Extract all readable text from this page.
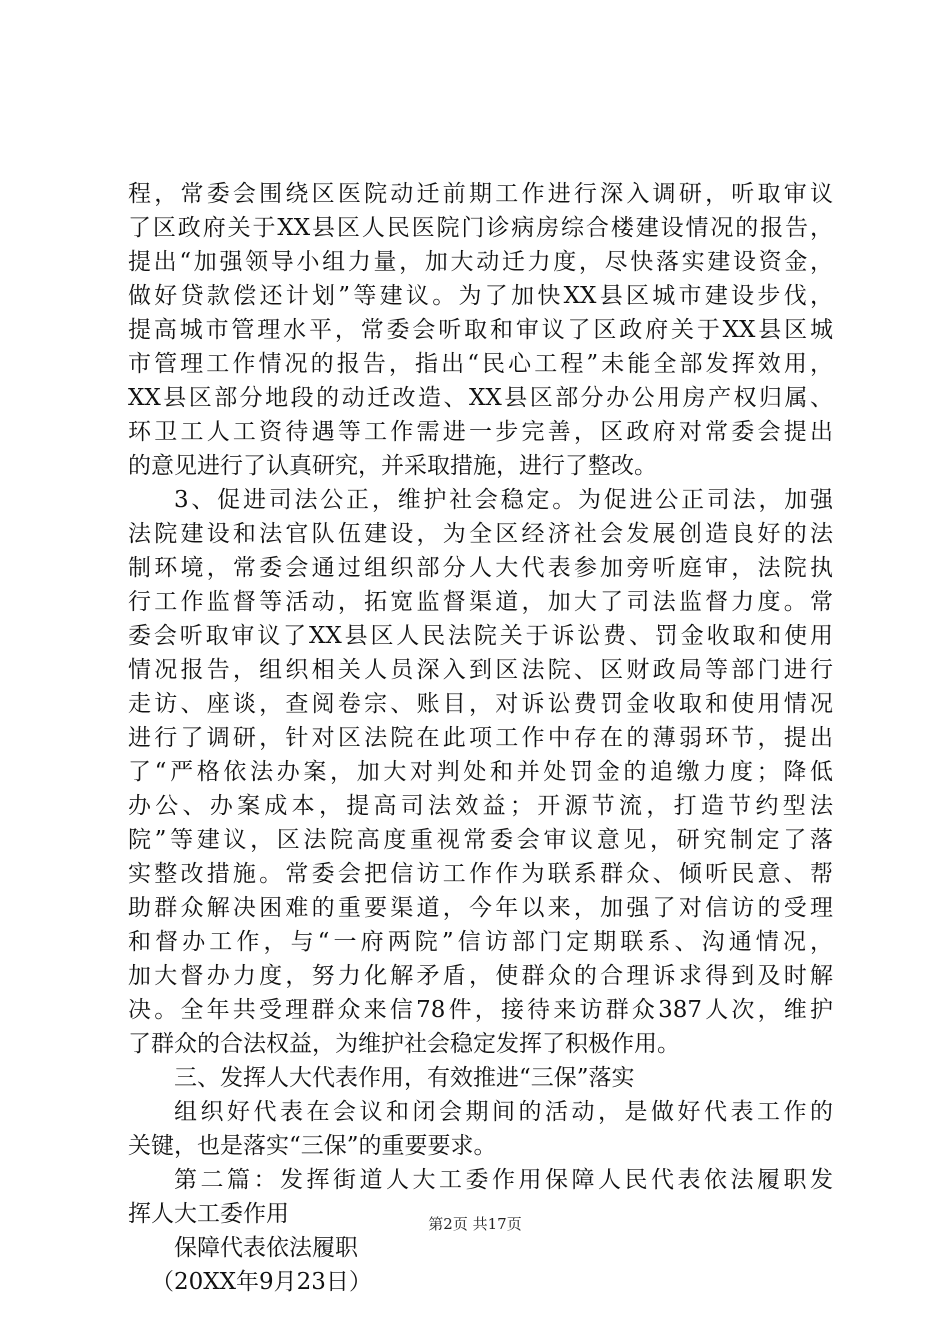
程，常委会围绕区医院动迁前期工作进行深入调研，听取审议
了区政府关于XX县区人民医院门诊病房综合楼建设情况的报告，
提出“加强领导小组力量，加大动迁力度，尽快落实建设资金，
做好贷款偿还计划”等建议。为了加快XX县区城市建设步伐，
提高城市管理水平，常委会听取和审议了区政府关于XX县区城
市管理工作情况的报告，指出“民心工程”未能全部发挥效用，
XX县区部分地段的动迁改造、XX县区部分办公用房产权归属、
环卫工人工资待遇等工作需进一步完善，区政府对常委会提出
的意见进行了认真研究，并采取措施，进行了整改。
3、促进司法公正，维护社会稳定。为促进公正司法，加强
法院建设和法官队伍建设，为全区经济社会发展创造良好的法
制环境，常委会通过组织部分人大代表参加旁听庭审，法院执
行工作监督等活动，拓宽监督渠道，加大了司法监督力度。常
委会听取审议了XX县区人民法院关于诉讼费、罚金收取和使用
情况报告，组织相关人员深入到区法院、区财政局等部门进行
走访、座谈，查阅卷宗、账目，对诉讼费罚金收取和使用情况
进行了调研，针对区法院在此项工作中存在的薄弱环节，提出
了“严格依法办案，加大对判处和并处罚金的追缴力度；降低
办公、办案成本，提高司法效益；开源节流，打造节约型法
院”等建议，区法院高度重视常委会审议意见，研究制定了落
实整改措施。常委会把信访工作作为联系群众、倾听民意、帮
助群众解决困难的重要渠道，今年以来，加强了对信访的受理
和督办工作，与“一府两院”信访部门定期联系、沟通情况，
加大督办力度，努力化解矛盾，使群众的合理诉求得到及时解
决。全年共受理群众来信78件，接待来访群众387人次，维护
了群众的合法权益，为维护社会稳定发挥了积极作用。
三、发挥人大代表作用，有效推进“三保”落实
组织好代表在会议和闭会期间的活动，是做好代表工作的
关键，也是落实“三保”的重要要求。
第二篇：发挥街道人大工委作用保障人民代表依法履职发
挥人大工委作用
保障代表依法履职
（20XX年9月23日）
第2页 共17页
